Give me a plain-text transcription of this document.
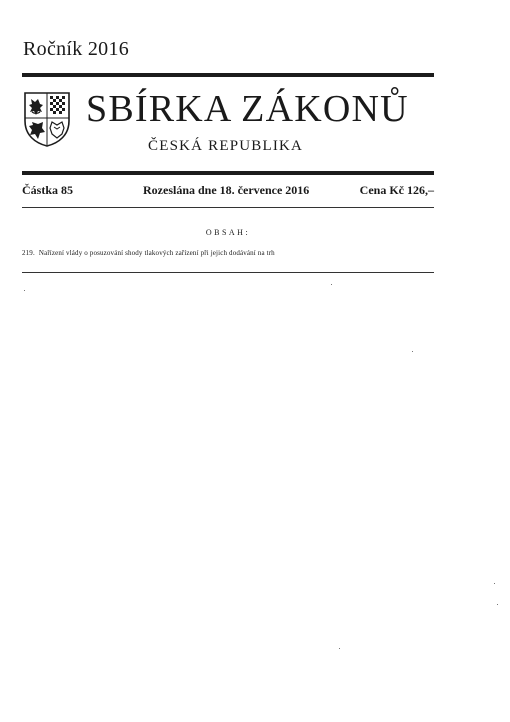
Ročník 2016
SBÍRKA ZÁKONŮ
ČESKÁ REPUBLIKA
Částka 85	Rozeslána dne 18. července 2016	Cena Kč 126,–
OBSAH:
219. Nařízení vlády o posuzování shody tlakových zařízení při jejich dodávání na trh
